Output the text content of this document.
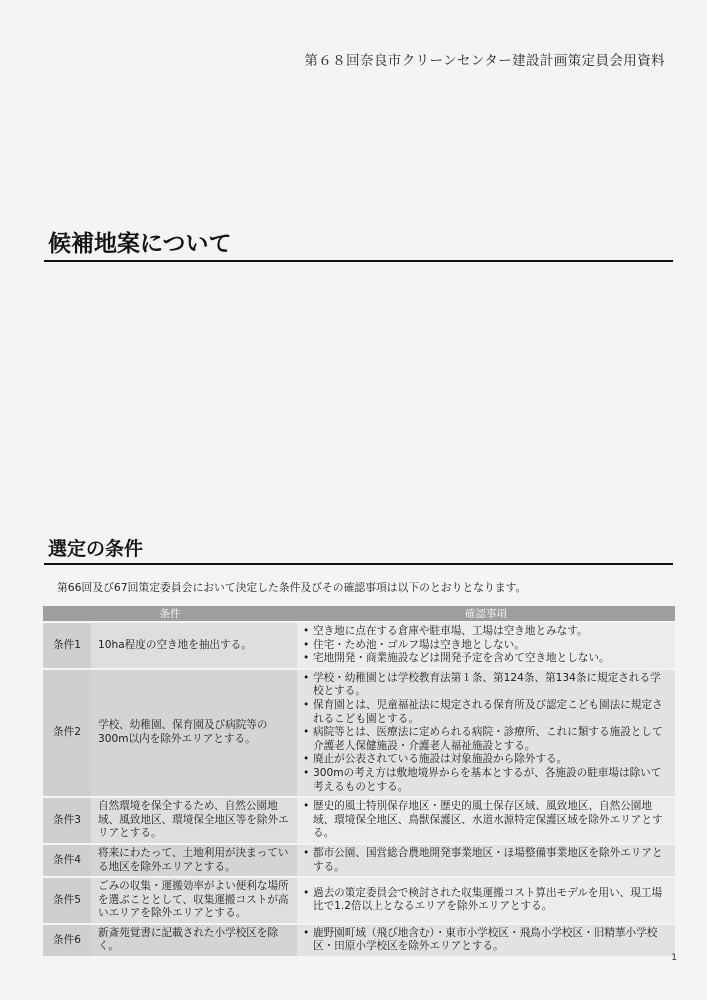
第６８回奈良市クリーンセンター建設計画策定員会用資料
候補地案について
選定の条件
第66回及び67回策定委員会において決定した条件及びその確認事項は以下のとおりとなります。
条件		確認事項
条件1	10ha程度の空き地を抽出する。	• 空き地に点在する倉庫や駐車場、工場は空き地とみなす。
• 住宅・ため池・ゴルフ場は空き地としない。
• 宅地開発・商業施設などは開発予定を含めて空き地としない。

条件2	学校、幼稚園、保育園及び病院等の300m以内を除外エリアとする。	• 学校・幼稚園とは学校教育法第１条、第124条、第134条に規定される学校とする。
• 保育園とは、児童福祉法に規定される保育所及び認定こども園法に規定されるこども園とする。
• 病院等とは、医療法に定められる病院・診療所、これに類する施設として介護老人保健施設・介護老人福祉施設とする。
• 廃止が公表されている施設は対象施設から除外する。
• 300mの考え方は敷地境界からを基本とするが、各施設の駐車場は除いて考えるものとする。

条件3	自然環境を保全するため、自然公園地域、風致地区、環境保全地区等を除外エリアとする。	• 歴史的風土特別保存地区・歴史的風土保存区域、風致地区、自然公園地域、環境保全地区、鳥獣保護区、水道水源特定保護区域を除外エリアとする。

条件4	将来にわたって、土地利用が決まっている地区を除外エリアとする。	• 都市公園、国営総合農地開発事業地区・ほ場整備事業地区を除外エリアとする。

条件5	ごみの収集・運搬効率がよい便利な場所を選ぶこととして、収集運搬コストが高いエリアを除外エリアとする。	• 過去の策定委員会で検討された収集運搬コスト算出モデルを用い、現工場比で1.2倍以上となるエリアを除外エリアとする。

条件6	新斎苑覚書に記載された小学校区を除く。	• 鹿野園町域（飛び地含む）・東市小学校区・飛鳥小学校区・旧精華小学校区・田原小学校区を除外エリアとする。
1
